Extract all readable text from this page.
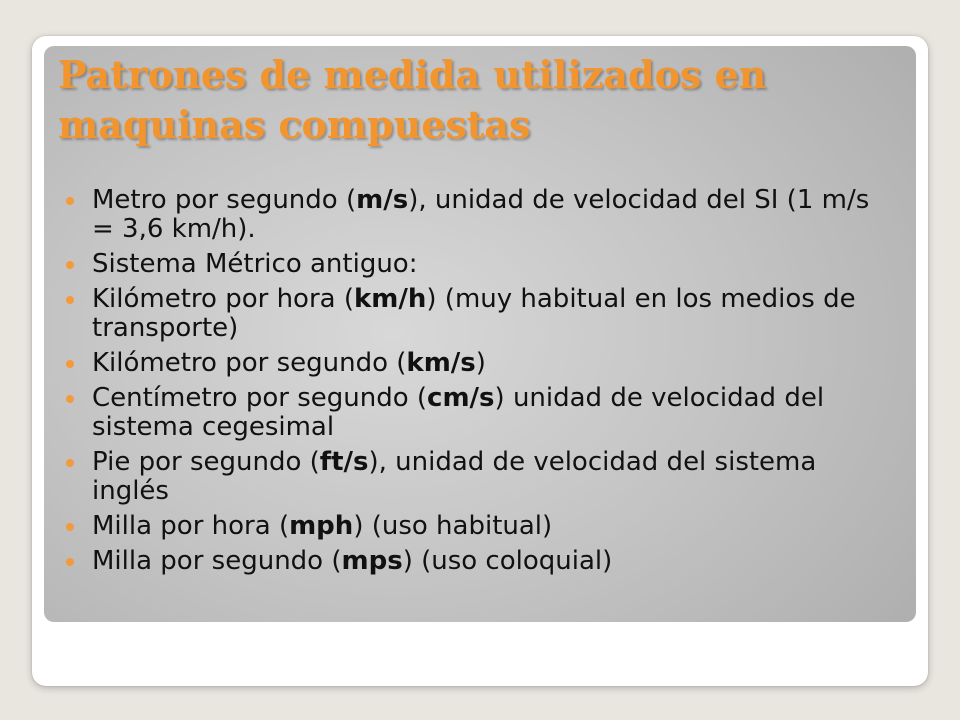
Patrones de medida utilizados en
maquinas compuestas
Metro por segundo (m/s), unidad de velocidad del SI (1 m/s = 3,6 km/h).
Sistema Métrico antiguo:
Kilómetro por hora (km/h) (muy habitual en los medios de transporte)
Kilómetro por segundo (km/s)
Centímetro por segundo (cm/s) unidad de velocidad del sistema cegesimal
Pie por segundo (ft/s), unidad de velocidad del sistema inglés
Milla por hora (mph) (uso habitual)
Milla por segundo (mps) (uso coloquial)
